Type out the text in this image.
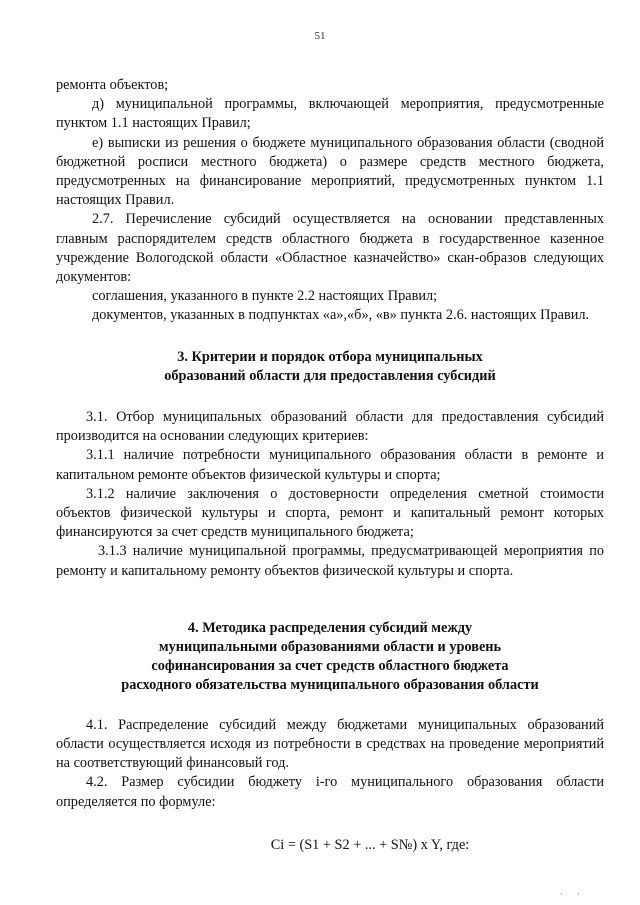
51

ремонта объектов;

д) муниципальной программы, включающей мероприятия, предусмотренные пунктом 1.1 настоящих Правил;

е) выписки из решения о бюджете муниципального образования области (сводной бюджетной росписи местного бюджета) о размере средств местного бюджета, предусмотренных на финансирование мероприятий, предусмотренных пунктом 1.1 настоящих Правил.

2.7. Перечисление субсидий осуществляется на основании представленных главным распорядителем средств областного бюджета в государственное казенное учреждение Вологодской области «Областное казначейство» скан-образов следующих документов:

соглашения, указанного в пункте 2.2 настоящих Правил;

документов, указанных в подпунктах «а»,«б», «в» пункта 2.6. настоящих Правил.

3. Критерии и порядок отбора муниципальных
образований области для предоставления субсидий

3.1. Отбор муниципальных образований области для предоставления субсидий производится на основании следующих критериев:

3.1.1 наличие потребности муниципального образования области в ремонте и капитальном ремонте объектов физической культуры и спорта;

3.1.2 наличие заключения о достоверности определения сметной стоимости объектов физической культуры и спорта, ремонт и капитальный ремонт которых финансируются за счет средств муниципального бюджета;

3.1.3 наличие муниципальной программы, предусматривающей мероприятия по ремонту и капитальному ремонту объектов физической культуры и спорта.

4. Методика распределения субсидий между
муниципальными образованиями области и уровень
софинансирования за счет средств областного бюджета
расходного обязательства муниципального образования области

4.1. Распределение субсидий между бюджетами муниципальных образований области осуществляется исходя из потребности в средствах на проведение мероприятий на соответствующий финансовый год.

4.2. Размер субсидии бюджету i-го муниципального образования области определяется по формуле:

Ci = (S1 + S2 + ... + S№) x Y, где:

· ·
